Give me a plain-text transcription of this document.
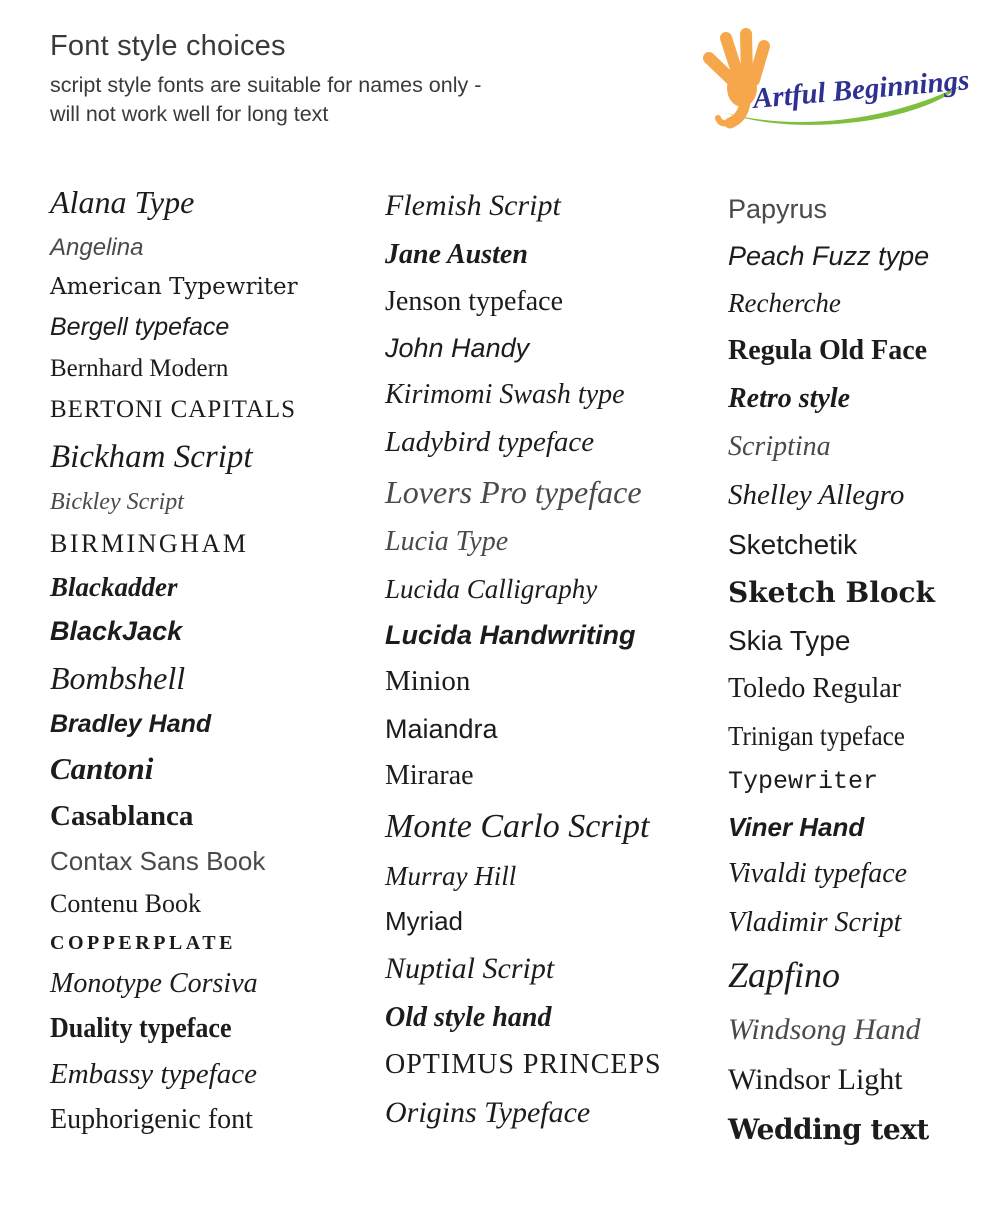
Font style choices
script style fonts are suitable for names only -
will not work well for long text	Artful Beginnings
Alana Type
Angelina
American Typewriter
Bergell typeface
Bernhard Modern
BERTONI CAPITALS
Bickham Script
Bickley Script
BIRMINGHAM
Blackadder
BlackJack
Bombshell
Bradley Hand
Cantoni
Casablanca
Contax Sans Book
Contenu Book
COPPERPLATE
Monotype Corsiva
Duality typeface
Embassy typeface
Euphorigenic font
Flemish Script
Jane Austen
Jenson typeface
John Handy
Kirimomi Swash type
Ladybird typeface
Lovers Pro typeface
Lucia Type
Lucida Calligraphy
Lucida Handwriting
Minion
Maiandra
Mirarae
Monte Carlo Script
Murray Hill
Myriad
Nuptial Script
Old style hand
OPTIMUS PRINCEPS
Origins Typeface
Papyrus
Peach Fuzz type
Recherche
Regula Old Face
Retro style
Scriptina
Shelley Allegro
Sketchetik
Sketch Block
Skia Type
Toledo Regular
Trinigan typeface
Typewriter
Viner Hand
Vivaldi typeface
Vladimir Script
Zapfino
Windsong Hand
Windsor Light
Wedding text
